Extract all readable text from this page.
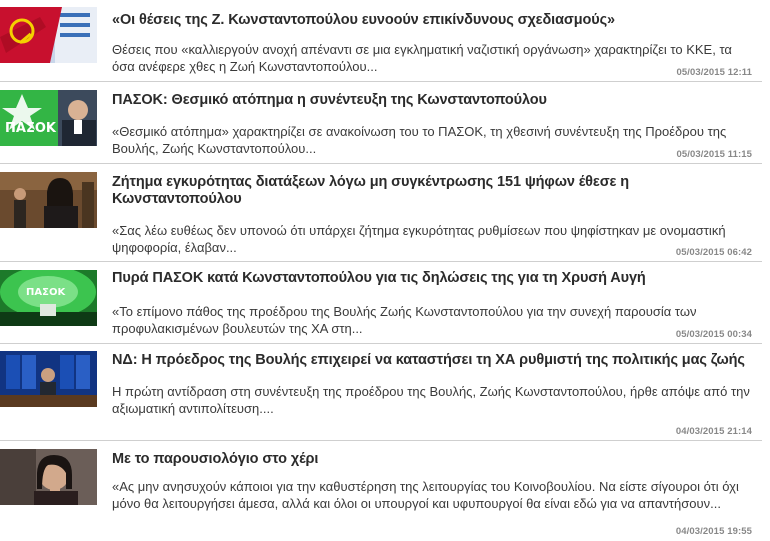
«Οι θέσεις της Ζ. Κωνσταντοπούλου ευνοούν επικίνδυνους σχεδιασμούς»
Θέσεις που «καλλιεργούν ανοχή απέναντι σε μια εγκληματική ναζιστική οργάνωση» χαρακτηρίζει το ΚΚΕ, τα όσα ανέφερε χθες η Ζωή Κωνσταντοπούλου...	05/03/2015 12:11
ΠΑΣΟΚ
ΠΑΣΟΚ: Θεσμικό ατόπημα η συνέντευξη της Κωνσταντοπούλου
«Θεσμικό ατόπημα» χαρακτηρίζει σε ανακοίνωση του το ΠΑΣΟΚ, τη χθεσινή συνέντευξη της Προέδρου της Βουλής, Ζωής Κωνσταντοπούλου...	05/03/2015 11:15
Ζήτημα εγκυρότητας διατάξεων λόγω μη συγκέντρωσης 151 ψήφων έθεσε η Κωνσταντοπούλου
«Σας λέω ευθέως δεν υπονοώ ότι υπάρχει ζήτημα εγκυρότητας ρυθμίσεων που ψηφίστηκαν με ονομαστική ψηφοφορία, έλαβαν...	05/03/2015 06:42
ΠΑΣΟΚ
Πυρά ΠΑΣΟΚ κατά Κωνσταντοπούλου για τις δηλώσεις της για τη Χρυσή Αυγή
«Το επίμονο πάθος της προέδρου της Βουλής Ζωής Κωνσταντοπούλου για την συνεχή παρουσία των προφυλακισμένων βουλευτών της ΧΑ στη...	05/03/2015 00:34
ΝΔ: Η πρόεδρος της Βουλής επιχειρεί να καταστήσει τη ΧΑ ρυθμιστή της πολιτικής μας ζωής
Η πρώτη αντίδραση στη συνέντευξη της προέδρου της Βουλής, Ζωής Κωνσταντοπούλου, ήρθε απόψε από την αξιωματική αντιπολίτευση....
04/03/2015 21:14
Με το παρουσιολόγιο στο χέρι
«Ας μην ανησυχούν κάποιοι για την καθυστέρηση της λειτουργίας του Κοινοβουλίου. Να είστε σίγουροι ότι όχι μόνο θα λειτουργήσει άμεσα, αλλά και όλοι οι υπουργοί και υφυπουργοί θα είναι εδώ για να απαντήσουν...
04/03/2015 19:55
